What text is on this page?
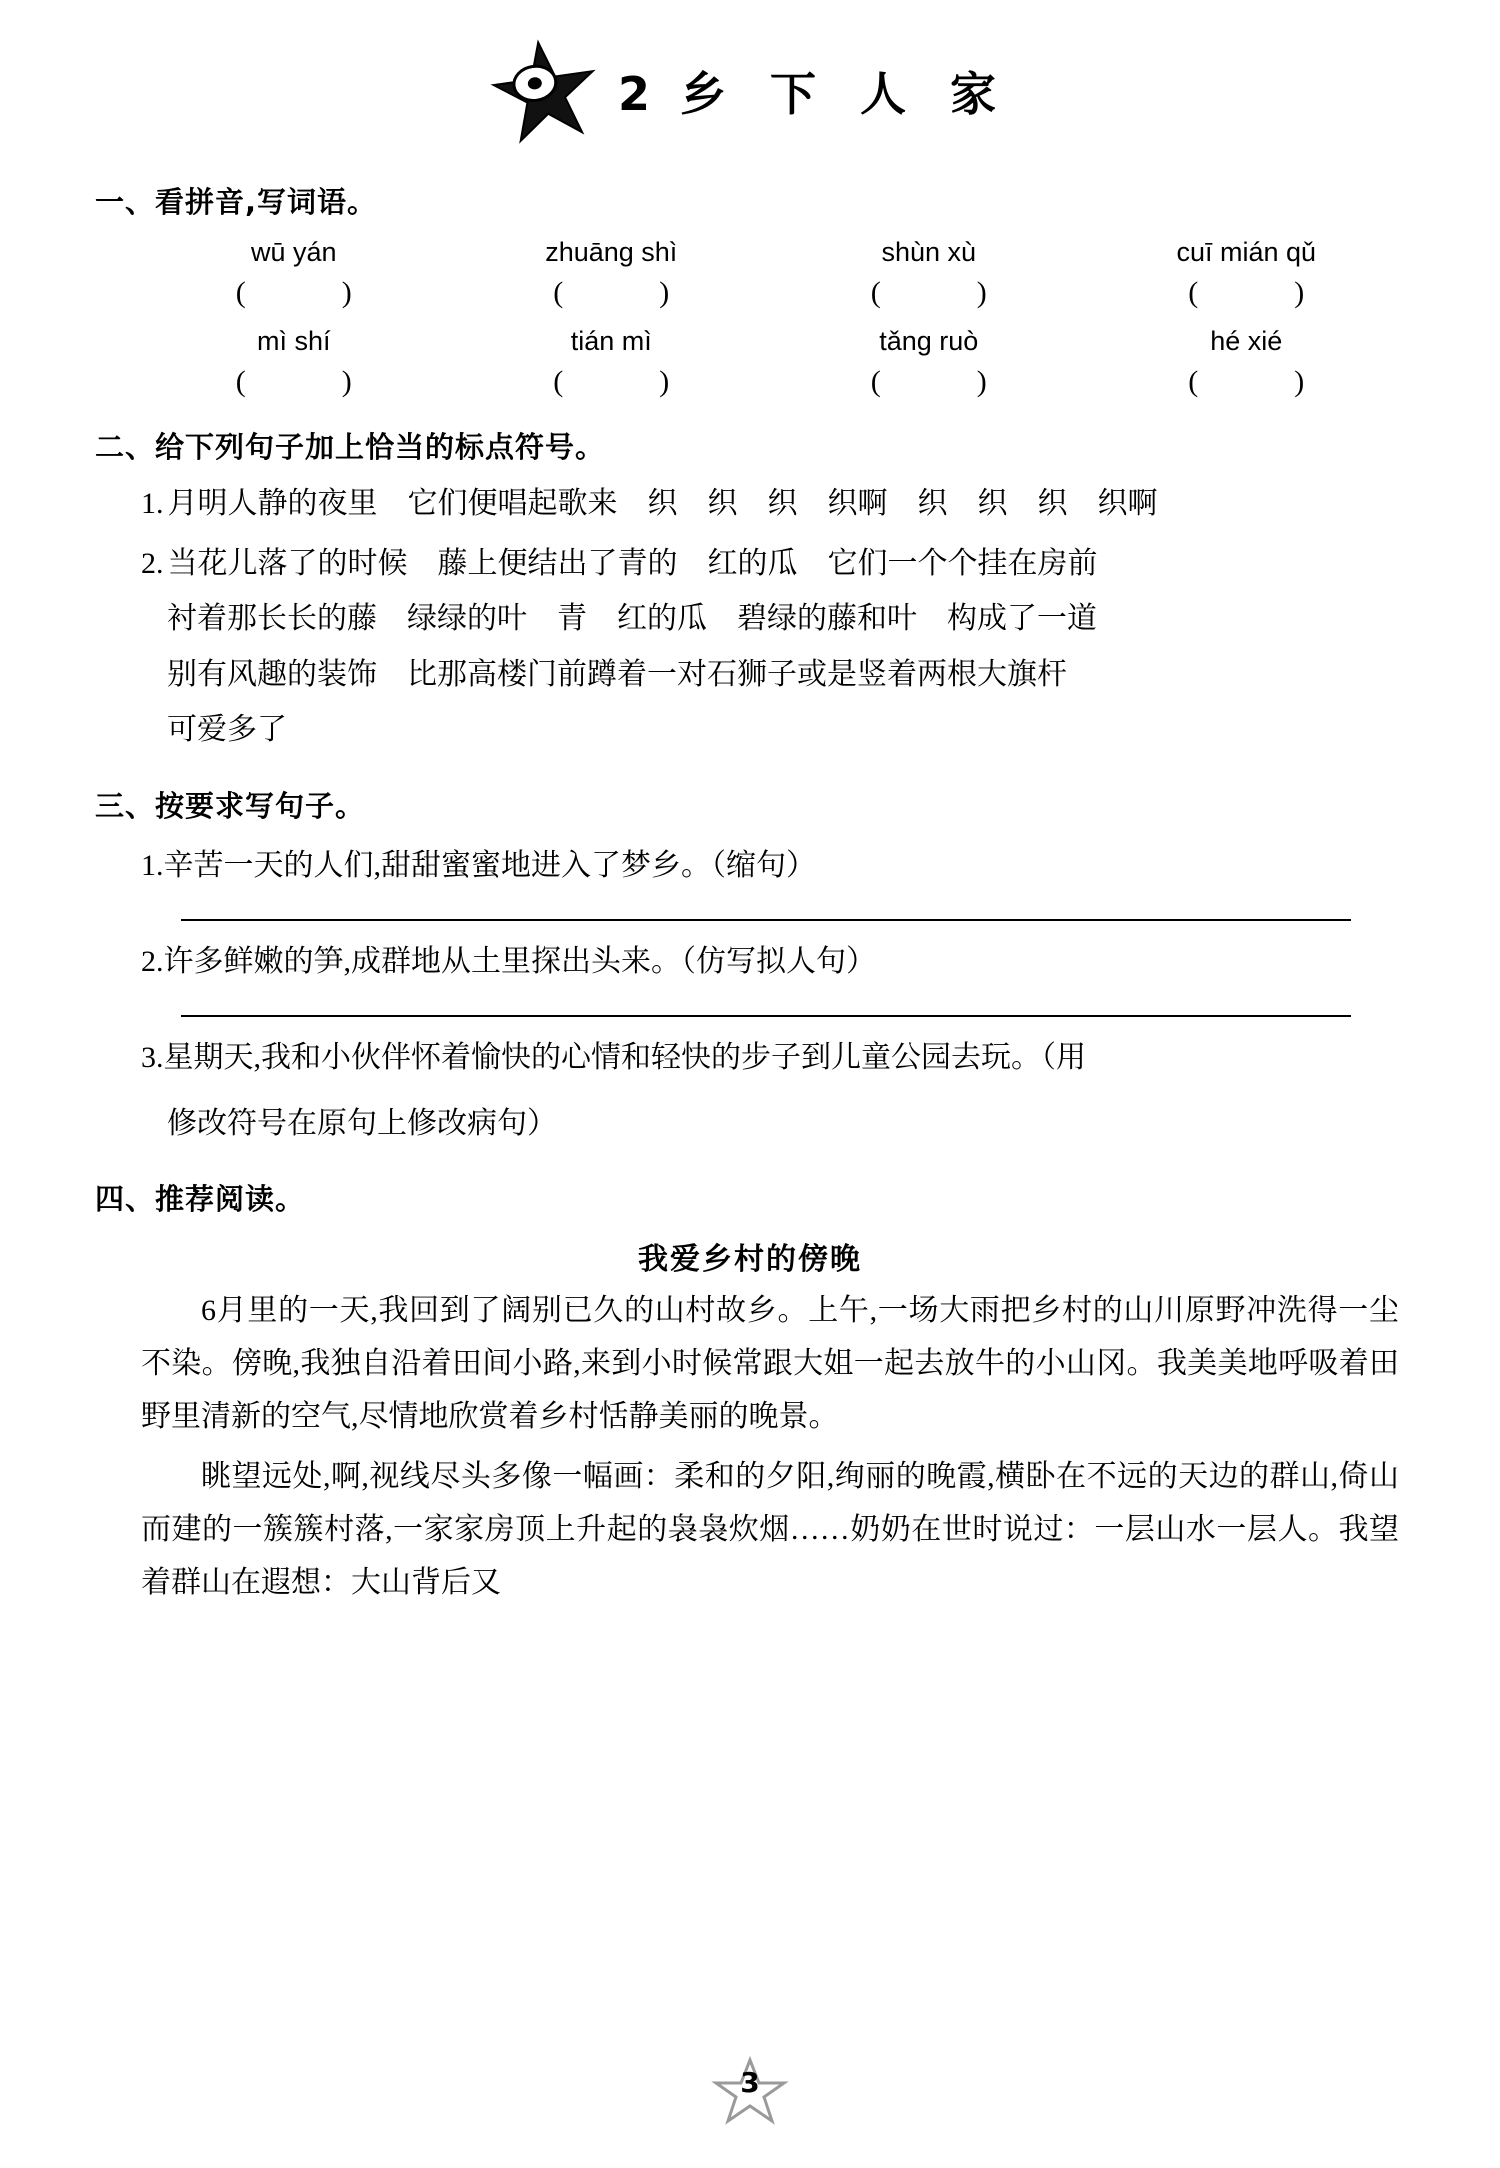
2 乡 下 人 家
一、看拼音,写词语。
wū yán	zhuāng shì	shùn xù	cuī mián qǔ
(	)	(	)	(	)	(	)
mì shí	tián mì	tǎng ruò	hé xié
(	)	(	)	(	)	(	)
二、给下列句子加上恰当的标点符号。
1. 月明人静的夜里　它们便唱起歌来　织　织　织　织啊　织　织　织　织啊
2. 当花儿落了的时候　藤上便结出了青的　红的瓜　它们一个个挂在房前
衬着那长长的藤　绿绿的叶　青　红的瓜　碧绿的藤和叶　构成了一道
别有风趣的装饰　比那高楼门前蹲着一对石狮子或是竖着两根大旗杆
可爱多了
三、按要求写句子。
1.辛苦一天的人们,甜甜蜜蜜地进入了梦乡。（缩句）
2.许多鲜嫩的笋,成群地从土里探出头来。（仿写拟人句）
3.星期天,我和小伙伴怀着愉快的心情和轻快的步子到儿童公园去玩。（用
修改符号在原句上修改病句）
四、推荐阅读。
我爱乡村的傍晚
6月里的一天,我回到了阔别已久的山村故乡。上午,一场大雨把乡村的山川原野冲洗得一尘不染。傍晚,我独自沿着田间小路,来到小时候常跟大姐一起去放牛的小山冈。我美美地呼吸着田野里清新的空气,尽情地欣赏着乡村恬静美丽的晚景。
眺望远处,啊,视线尽头多像一幅画：柔和的夕阳,绚丽的晚霞,横卧在不远的天边的群山,倚山而建的一簇簇村落,一家家房顶上升起的袅袅炊烟……奶奶在世时说过：一层山水一层人。我望着群山在遐想：大山背后又
3
